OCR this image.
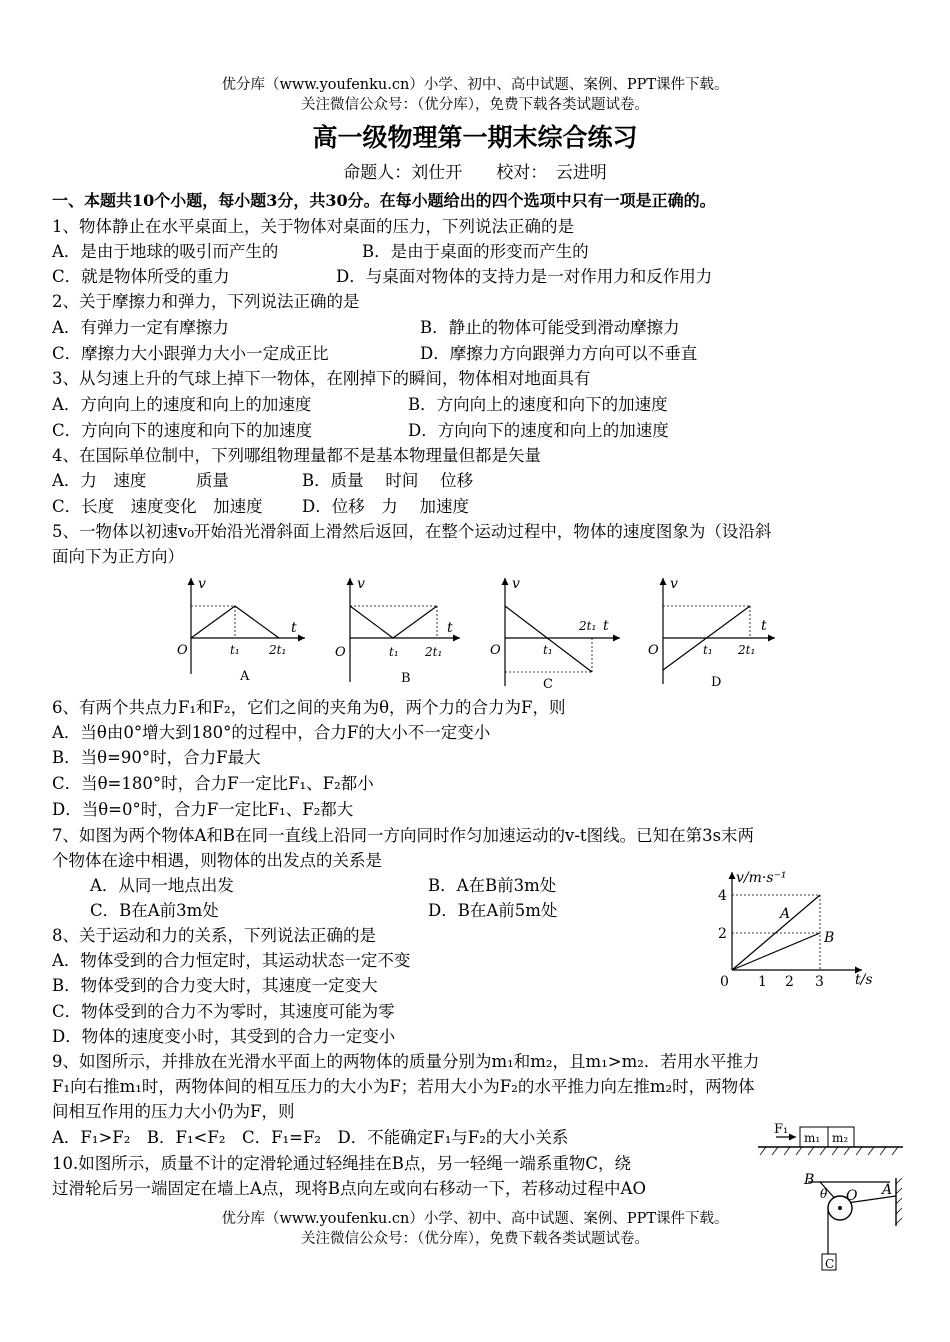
优分库（www.youfenku.cn）小学、初中、高中试题、案例、PPT课件下载。
关注微信公众号：（优分库），免费下载各类试题试卷。
高一级物理第一期末综合练习
命题人：刘仕开　　校对：　云进明
一、本题共10个小题，每小题3分，共30分。在每小题给出的四个选项中只有一项是正确的。
1、物体静止在水平桌面上，关于物体对桌面的压力，下列说法正确的是
A．是由于地球的吸引而产生的	B．是由于桌面的形变而产生的
C．就是物体所受的重力	D．与桌面对物体的支持力是一对作用力和反作用力
2、关于摩擦力和弹力，下列说法正确的是
A．有弹力一定有摩擦力	B．静止的物体可能受到滑动摩擦力
C．摩擦力大小跟弹力大小一定成正比	D．摩擦力方向跟弹力方向可以不垂直
3、从匀速上升的气球上掉下一物体，在刚掉下的瞬间，物体相对地面具有
A．方向向上的速度和向上的加速度	B．方向向上的速度和向下的加速度
C．方向向下的速度和向下的加速度	D．方向向下的速度和向上的加速度
4、在国际单位制中，下列哪组物理量都不是基本物理量但都是矢量
A．力　速度　　　质量	B．质量　 时间　 位移
C．长度　速度变化　加速度 D．位移　力　 加速度
5、一物体以初速v₀开始沿光滑斜面上滑然后返回，在整个运动过程中，物体的速度图象为（设沿斜
面向下为正方向）
v
t
O	t₁ 2t₁
A
v
t
O	t₁ 2t₁
B
v
2t₁ t
O	t₁
C
v
t
O	t₁ 2t₁
D
6、有两个共点力F₁和F₂，它们之间的夹角为θ，两个力的合力为F，则
A．当θ由0°增大到180°的过程中，合力F的大小不一定变小
B．当θ=90°时，合力F最大
C．当θ=180°时，合力F一定比F₁、F₂都小
D．当θ=0°时，合力F一定比F₁、F₂都大
7、如图为两个物体A和B在同一直线上沿同一方向同时作匀加速运动的v-t图线。已知在第3s末两
个物体在途中相遇，则物体的出发点的关系是
A．从同一地点出发	B．A在B前3m处
C．B在A前3m处	D．B在A前5m处
v/m·s⁻¹
t/s
4
2
0 1 2 3
A
B
8、关于运动和力的关系，下列说法正确的是
A．物体受到的合力恒定时，其运动状态一定不变
B．物体受到的合力变大时，其速度一定变大
C．物体受到的合力不为零时，其速度可能为零
D．物体的速度变小时，其受到的合力一定变小
9、如图所示，并排放在光滑水平面上的两物体的质量分别为m₁和m₂，且m₁>m₂．若用水平推力
F₁向右推m₁时，两物体间的相互压力的大小为F；若用大小为F₂的水平推力向左推m₂时，两物体
间相互作用的压力大小仍为F，则
A．F₁>F₂　B．F₁<F₂　C．F₁=F₂　D．不能确定F₁与F₂的大小关系	F₁
m₁ m₂
10.如图所示，质量不计的定滑轮通过轻绳挂在B点，另一轻绳一端系重物C，绕
过滑轮后另一端固定在墙上A点，现将B点向左或向右移动一下，若移动过程中AO	B
θ O A
C
优分库（www.youfenku.cn）小学、初中、高中试题、案例、PPT课件下载。
关注微信公众号：（优分库），免费下载各类试题试卷。
